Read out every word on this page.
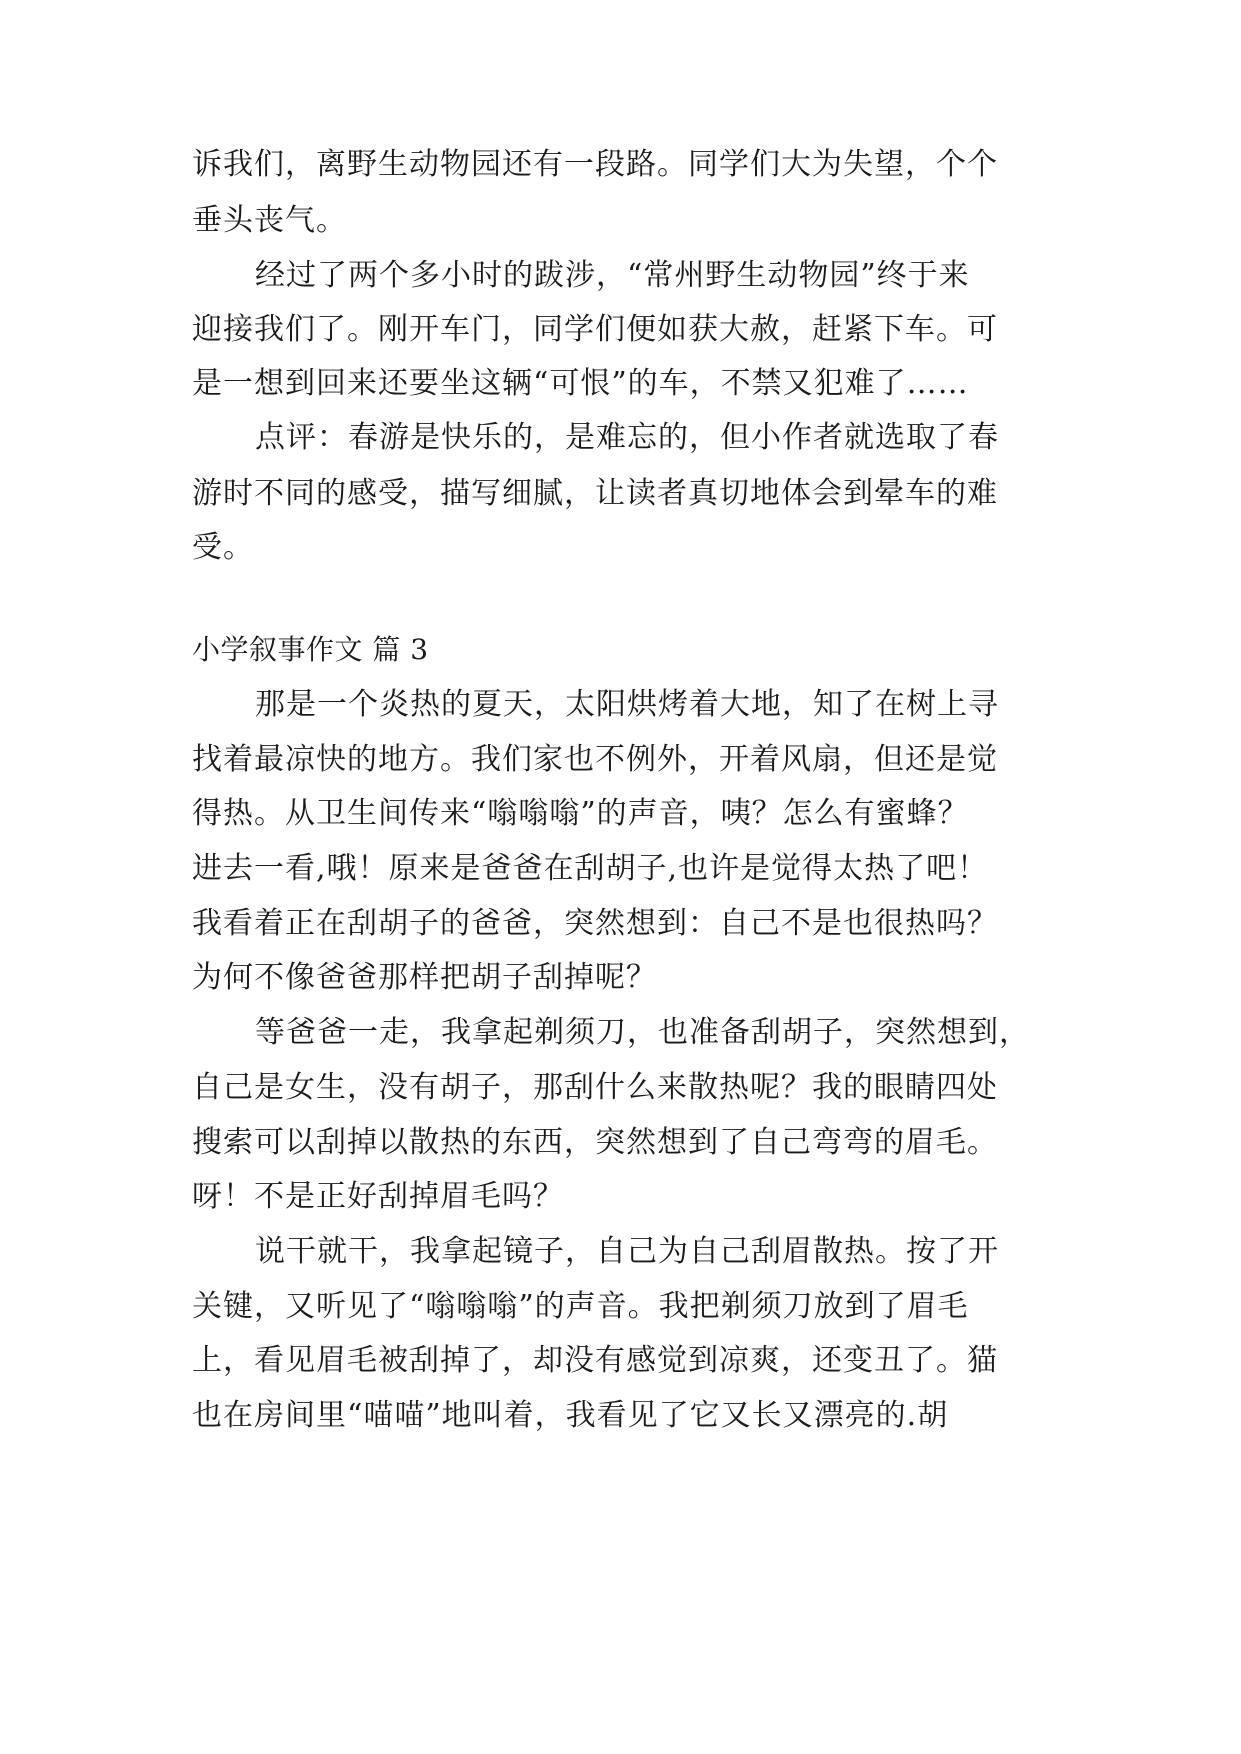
诉我们，离野生动物园还有一段路。同学们大为失望，个个
垂头丧气。
经过了两个多小时的跋涉，“常州野生动物园”终于来
迎接我们了。刚开车门，同学们便如获大赦，赶紧下车。可
是一想到回来还要坐这辆“可恨”的车，不禁又犯难了……
点评：春游是快乐的，是难忘的，但小作者就选取了春
游时不同的感受，描写细腻，让读者真切地体会到晕车的难
受。
小学叙事作文 篇 3
那是一个炎热的夏天，太阳烘烤着大地，知了在树上寻
找着最凉快的地方。我们家也不例外，开着风扇，但还是觉
得热。从卫生间传来“嗡嗡嗡”的声音，咦？怎么有蜜蜂？
进去一看,哦！原来是爸爸在刮胡子,也许是觉得太热了吧！
我看着正在刮胡子的爸爸，突然想到：自己不是也很热吗？
为何不像爸爸那样把胡子刮掉呢？
等爸爸一走，我拿起剃须刀，也准备刮胡子，突然想到，
自己是女生，没有胡子，那刮什么来散热呢？我的眼睛四处
搜索可以刮掉以散热的东西，突然想到了自己弯弯的眉毛。
呀！不是正好刮掉眉毛吗？
说干就干，我拿起镜子，自己为自己刮眉散热。按了开
关键，又听见了“嗡嗡嗡”的声音。我把剃须刀放到了眉毛
上，看见眉毛被刮掉了，却没有感觉到凉爽，还变丑了。猫
也在房间里“喵喵”地叫着，我看见了它又长又漂亮的.胡
